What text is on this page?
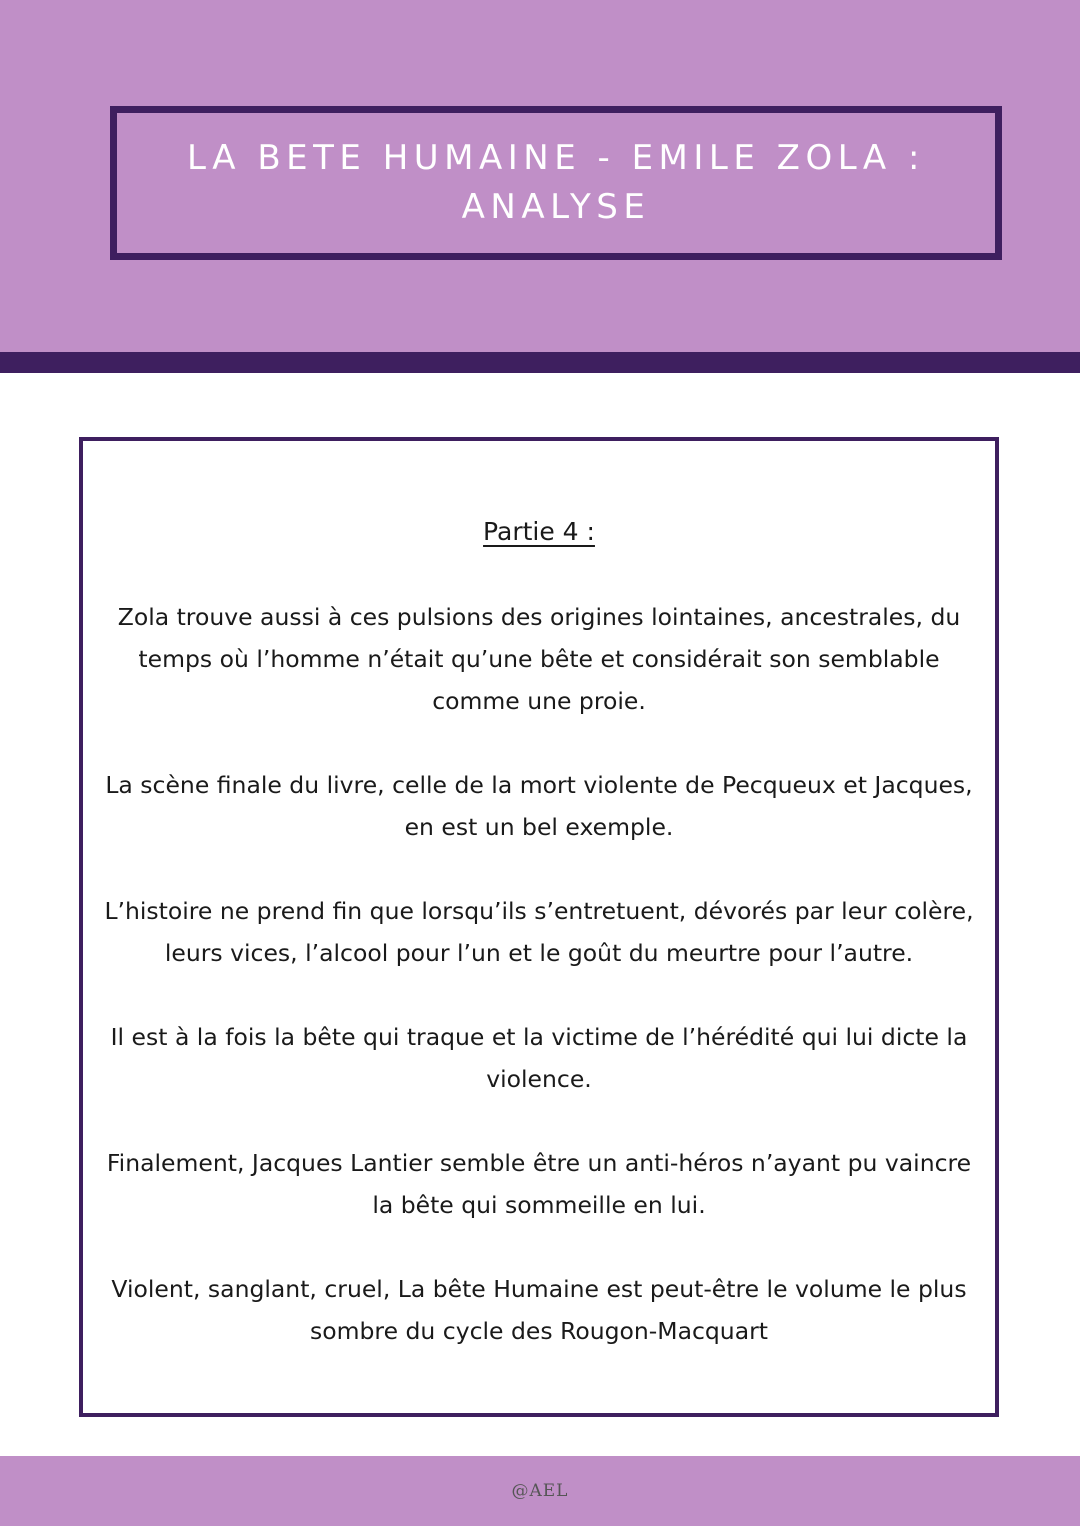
LA BETE HUMAINE - EMILE ZOLA :
ANALYSE
Partie 4 :

Zola trouve aussi à ces pulsions des origines lointaines, ancestrales, du temps où l’homme n’était qu’une bête et considérait son semblable comme une proie.

La scène finale du livre, celle de la mort violente de Pecqueux et Jacques, en est un bel exemple.

L’histoire ne prend fin que lorsqu’ils s’entretuent, dévorés par leur colère, leurs vices, l’alcool pour l’un et le goût du meurtre pour l’autre.

Il est à la fois la bête qui traque et la victime de l’hérédité qui lui dicte la violence.

Finalement, Jacques Lantier semble être un anti-héros n’ayant pu vaincre la bête qui sommeille en lui.

Violent, sanglant, cruel, La bête Humaine est peut-être le volume le plus sombre du cycle des Rougon-Macquart

@AEL
